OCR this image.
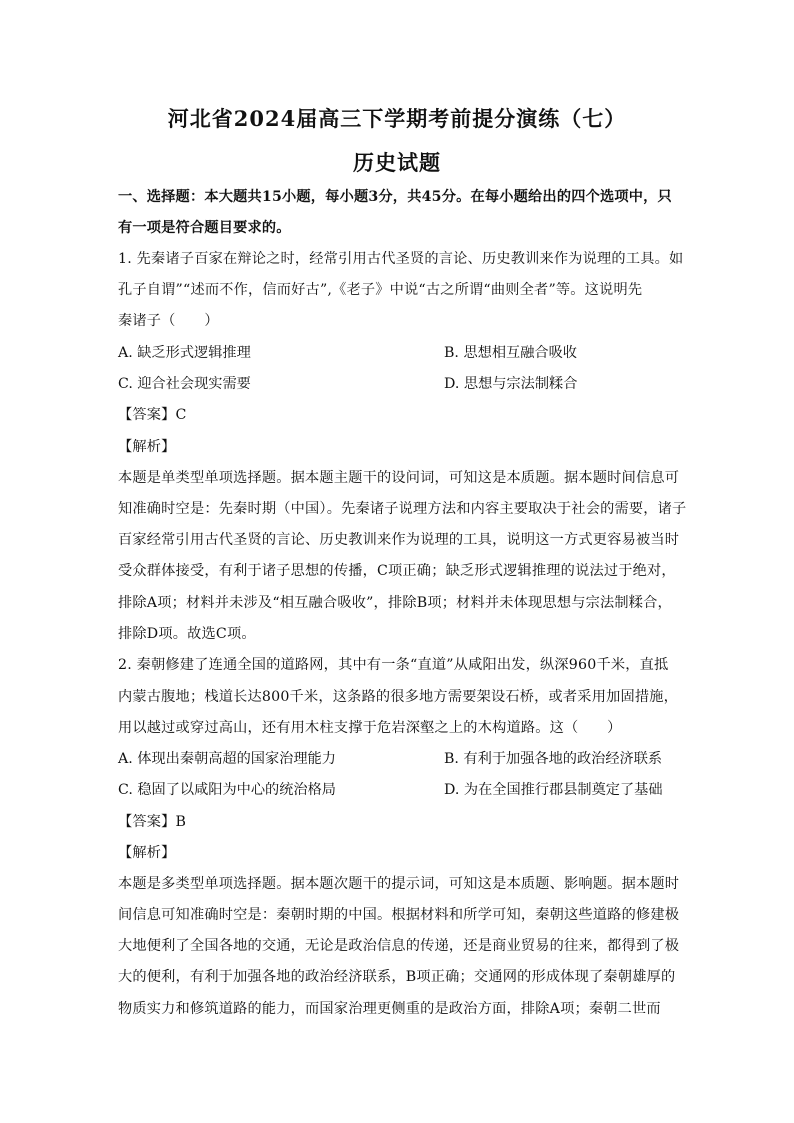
河北省2024届高三下学期考前提分演练（七）
历史试题
一、选择题：本大题共15小题，每小题3分，共45分。在每小题给出的四个选项中，只
有一项是符合题目要求的。
1. 先秦诸子百家在辩论之时，经常引用古代圣贤的言论、历史教训来作为说理的工具。如
孔子自谓”“述而不作，信而好古”,《老子》中说“古之所谓“曲则全者”等。这说明先
秦诸子（　　）
A. 缺乏形式逻辑推理	B. 思想相互融合吸收
C. 迎合社会现实需要	D. 思想与宗法制糅合
【答案】C
【解析】
本题是单类型单项选择题。据本题主题干的设问词，可知这是本质题。据本题时间信息可
知准确时空是：先秦时期（中国）。先秦诸子说理方法和内容主要取决于社会的需要，诸子
百家经常引用古代圣贤的言论、历史教训来作为说理的工具，说明这一方式更容易被当时
受众群体接受，有利于诸子思想的传播，C项正确；缺乏形式逻辑推理的说法过于绝对，
排除A项；材料并未涉及“相互融合吸收”，排除B项；材料并未体现思想与宗法制糅合，
排除D项。故选C项。
2. 秦朝修建了连通全国的道路网，其中有一条“直道”从咸阳出发，纵深960千米，直抵
内蒙古腹地；栈道长达800千米，这条路的很多地方需要架设石桥，或者采用加固措施，
用以越过或穿过高山，还有用木柱支撑于危岩深壑之上的木构道路。这（　　）
A. 体现出秦朝高超的国家治理能力	B. 有利于加强各地的政治经济联系
C. 稳固了以咸阳为中心的统治格局	D. 为在全国推行郡县制奠定了基础
【答案】B
【解析】
本题是多类型单项选择题。据本题次题干的提示词，可知这是本质题、影响题。据本题时
间信息可知准确时空是：秦朝时期的中国。根据材料和所学可知，秦朝这些道路的修建极
大地便利了全国各地的交通，无论是政治信息的传递，还是商业贸易的往来，都得到了极
大的便利，有利于加强各地的政治经济联系，B项正确；交通网的形成体现了秦朝雄厚的
物质实力和修筑道路的能力，而国家治理更侧重的是政治方面，排除A项；秦朝二世而
